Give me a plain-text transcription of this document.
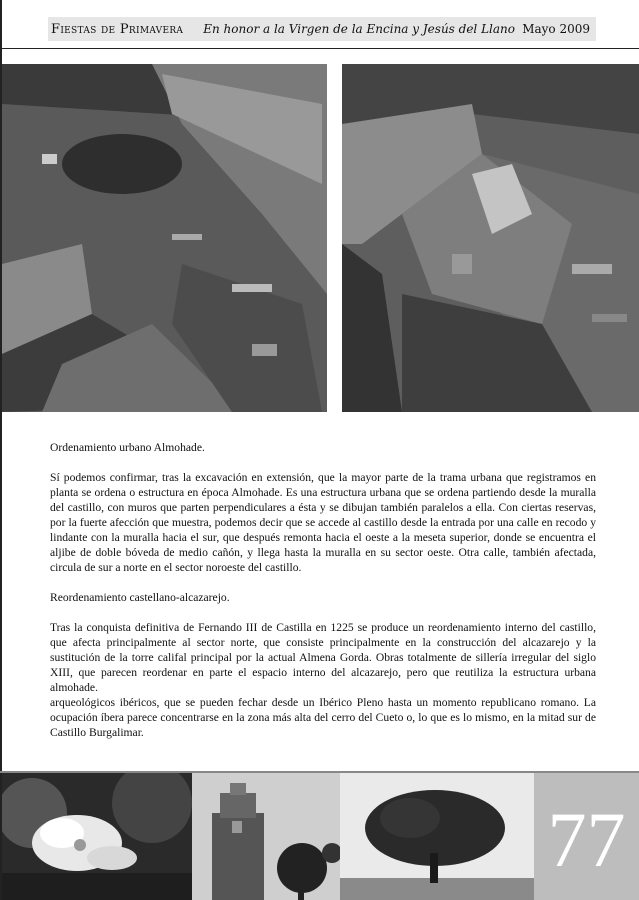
Fiestas de Primavera En honor a la Virgen de la Encina y Jesús del Llano Mayo 2009

Ordenamiento urbano Almohade.

Sí podemos confirmar, tras la excavación en extensión, que la mayor parte de la trama urbana que registramos en planta se ordena o estructura en época Almohade. Es una estructura urbana que se ordena partiendo desde la muralla del castillo, con muros que parten perpendiculares a ésta y se dibujan también paralelos a ella. Con ciertas reservas, por la fuerte afección que muestra, podemos decir que se accede al castillo desde la entrada por una calle en recodo y lindante con la muralla hacia el sur, que después remonta hacia el oeste a la meseta superior, donde se encuentra el aljibe de doble bóveda de medio cañón, y llega hasta la muralla en su sector oeste. Otra calle, también afectada, circula de sur a norte en el sector noroeste del castillo.

Reordenamiento castellano-alcazarejo.

Tras la conquista definitiva de Fernando III de Castilla en 1225 se produce un reordenamiento interno del castillo, que afecta principalmente al sector norte, que consiste principalmente en la construcción del alcazarejo y la sustitución de la torre califal principal por la actual Almena Gorda. Obras totalmente de sillería irregular del siglo XIII, que parecen reordenar en parte el espacio interno del alcazarejo, pero que reutiliza la estructura urbana almohade.

arqueológicos ibéricos, que se pueden fechar desde un Ibérico Pleno hasta un momento republicano romano. La ocupación íbera parece concentrarse en la zona más alta del cerro del Cueto o, lo que es lo mismo, en la mitad sur de Castillo Burgalimar.

77
